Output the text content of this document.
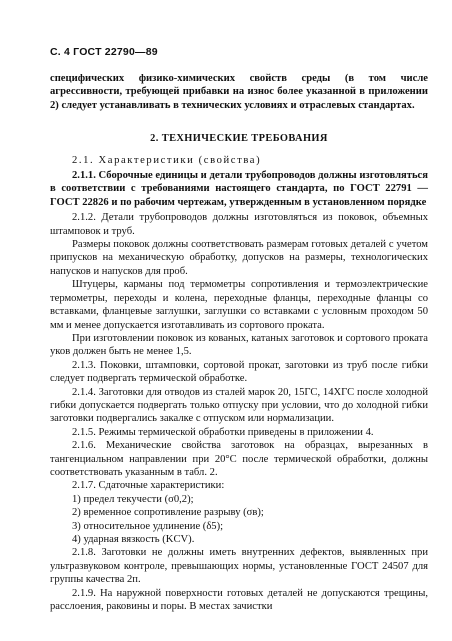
С. 4 ГОСТ 22790—89

специфических физико-химических свойств среды (в том числе агрессивности, требующей прибавки на износ более указанной в приложении 2) следует устанавливать в технических условиях и отраслевых стандартах.

2. ТЕХНИЧЕСКИЕ ТРЕБОВАНИЯ

2.1. Характеристики (свойства)

2.1.1. Сборочные единицы и детали трубопроводов должны изготовляться в соответствии с требованиями настоящего стандарта, по ГОСТ 22791 — ГОСТ 22826 и по рабочим чертежам, утвержденным в установленном порядке

2.1.2. Детали трубопроводов должны изготовляться из поковок, объемных штамповок и труб.

Размеры поковок должны соответствовать размерам готовых деталей с учетом припусков на механическую обработку, допусков на размеры, технологических напусков и напусков для проб.

Штуцеры, карманы под термометры сопротивления и термоэлектрические термометры, переходы и колена, переходные фланцы, переходные фланцы со вставками, фланцевые заглушки, заглушки со вставками с условным проходом 50 мм и менее допускается изготавливать из сортового проката.

При изготовлении поковок из кованых, катаных заготовок и сортового проката уков должен быть не менее 1,5.

2.1.3. Поковки, штамповки, сортовой прокат, заготовки из труб после гибки следует подвергать термической обработке.

2.1.4. Заготовки для отводов из сталей марок 20, 15ГС, 14ХГС после холодной гибки допускается подвергать только отпуску при условии, что до холодной гибки заготовки подвергались закалке с отпуском или нормализации.

2.1.5. Режимы термической обработки приведены в приложении 4.

2.1.6. Механические свойства заготовок на образцах, вырезанных в тангенциальном направлении при 20°С после термической обработки, должны соответствовать указанным в табл. 2.

2.1.7. Сдаточные характеристики:

1) предел текучести (σ0,2);

2) временное сопротивление разрыву (σв);

3) относительное удлинение (δ5);

4) ударная вязкость (KCV).

2.1.8. Заготовки не должны иметь внутренних дефектов, выявленных при ультразвуковом контроле, превышающих нормы, установленные ГОСТ 24507 для группы качества 2п.

2.1.9. На наружной поверхности готовых деталей не допускаются трещины, расслоения, раковины и поры. В местах зачистки
